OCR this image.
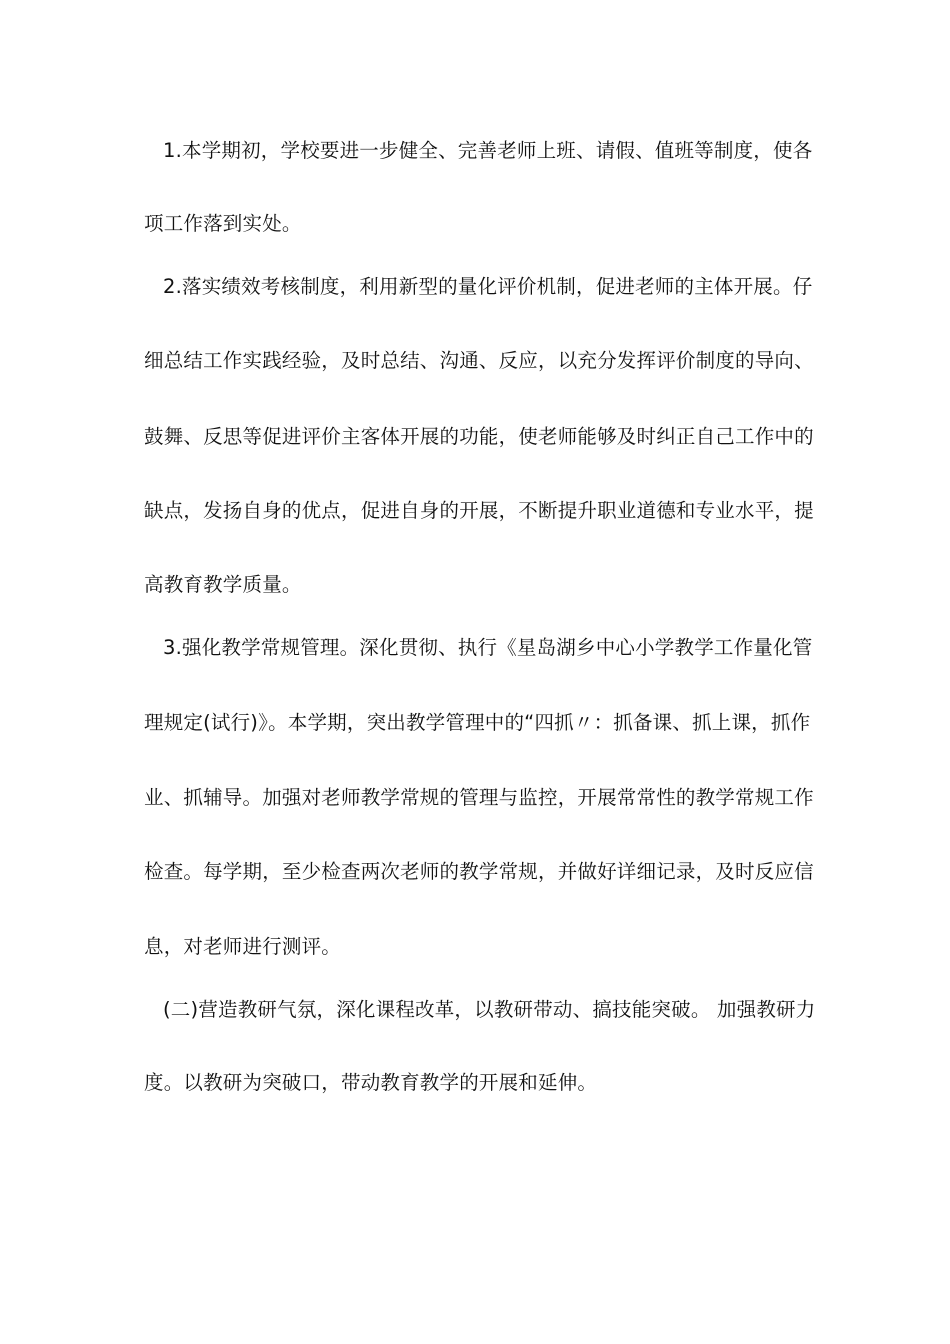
1.本学期初，学校要进一步健全、完善老师上班、请假、值班等制度，使各
项工作落到实处。
2.落实绩效考核制度，利用新型的量化评价机制，促进老师的主体开展。仔
细总结工作实践经验，及时总结、沟通、反应，以充分发挥评价制度的导向、
鼓舞、反思等促进评价主客体开展的功能，使老师能够及时纠正自己工作中的
缺点，发扬自身的优点，促进自身的开展，不断提升职业道德和专业水平，提
高教育教学质量。
3.强化教学常规管理。深化贯彻、执行《星岛湖乡中心小学教学工作量化管
理规定(试行)》。本学期，突出教学管理中的“四抓〃：抓备课、抓上课，抓作
业、抓辅导。加强对老师教学常规的管理与监控，开展常常性的教学常规工作
检查。每学期，至少检查两次老师的教学常规，并做好详细记录，及时反应信
息，对老师进行测评。
(二)营造教研气氛，深化课程改革，以教研带动、搞技能突破。 加强教研力
度。以教研为突破口，带动教育教学的开展和延伸。
